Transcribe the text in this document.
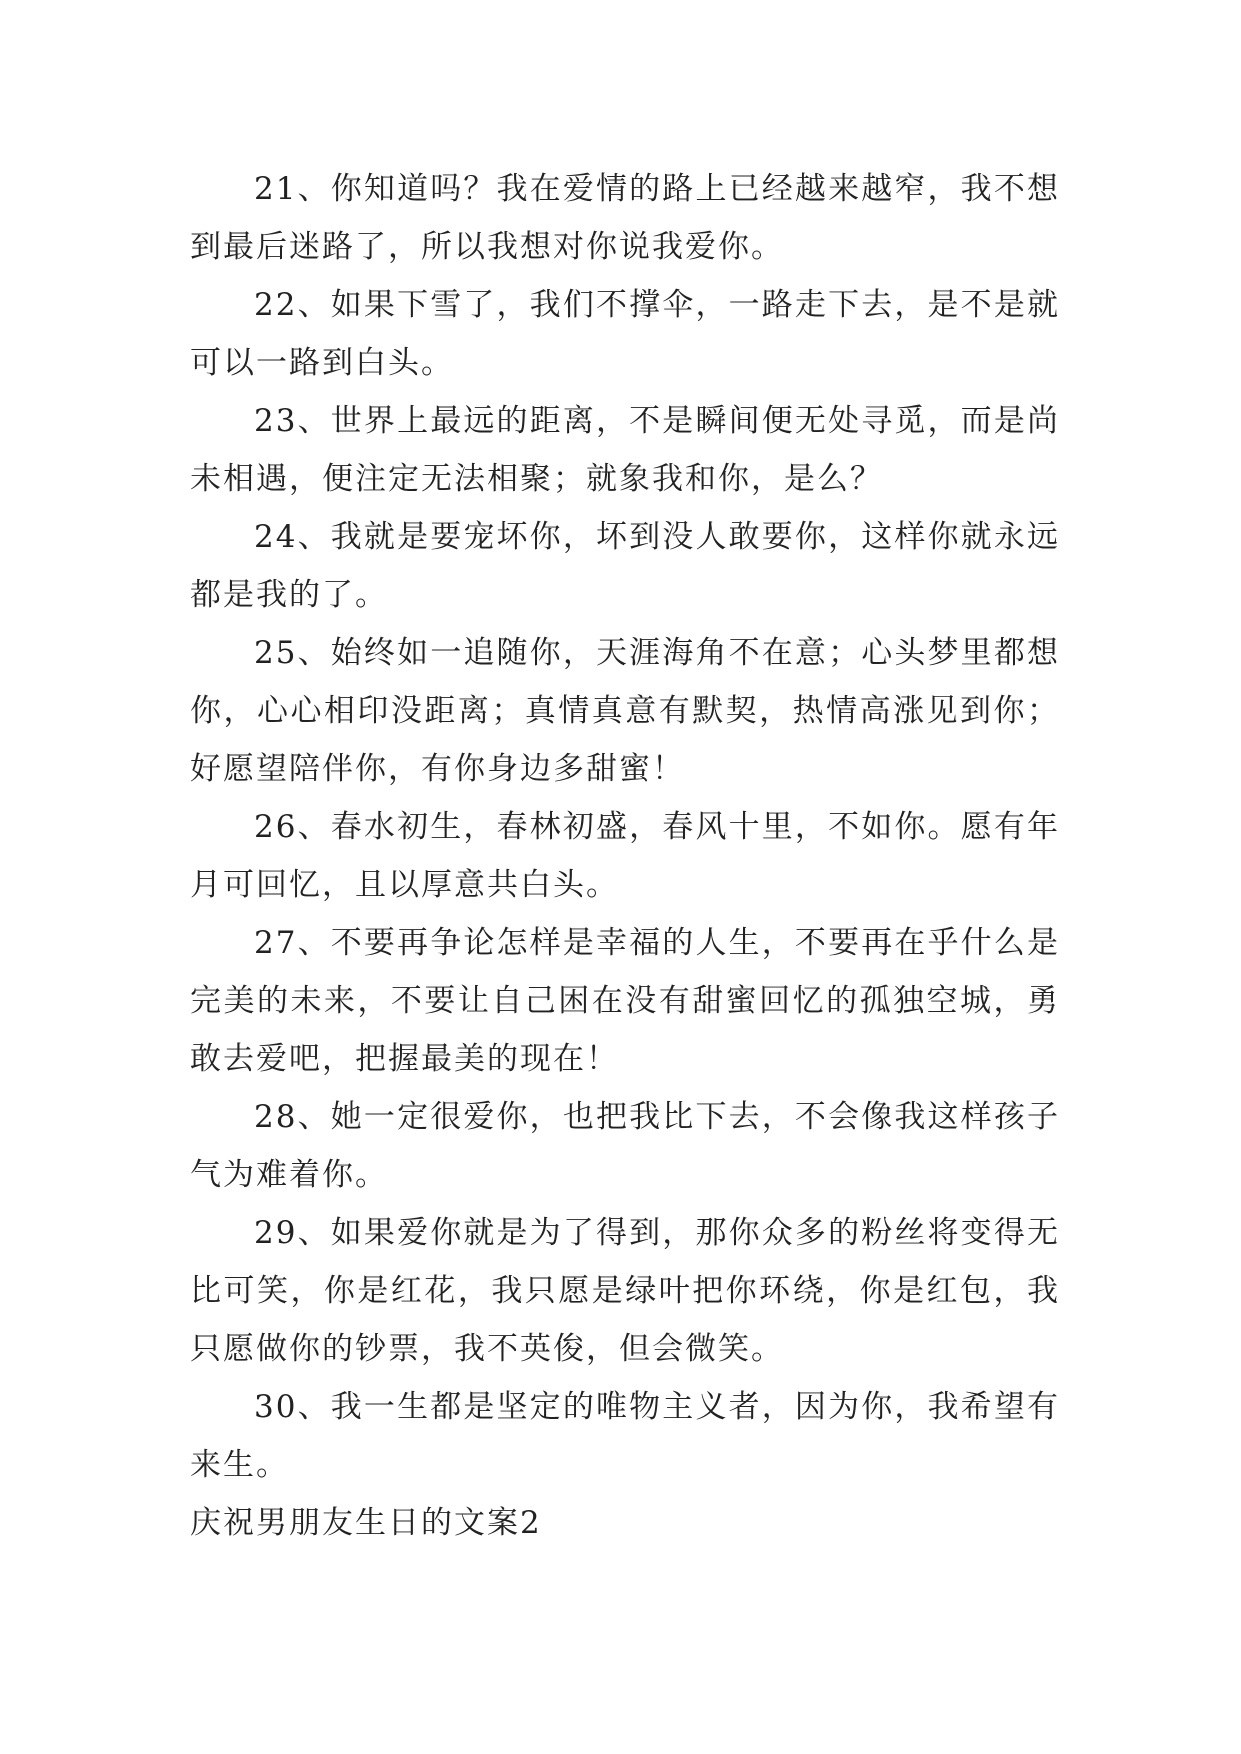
21、你知道吗？我在爱情的路上已经越来越窄，我不想到最后迷路了，所以我想对你说我爱你。

22、如果下雪了，我们不撑伞，一路走下去，是不是就可以一路到白头。

23、世界上最远的距离，不是瞬间便无处寻觅，而是尚未相遇，便注定无法相聚；就象我和你，是么？

24、我就是要宠坏你，坏到没人敢要你，这样你就永远都是我的了。

25、始终如一追随你，天涯海角不在意；心头梦里都想你，心心相印没距离；真情真意有默契，热情高涨见到你；好愿望陪伴你，有你身边多甜蜜！

26、春水初生，春林初盛，春风十里，不如你。愿有年月可回忆，且以厚意共白头。

27、不要再争论怎样是幸福的人生，不要再在乎什么是完美的未来，不要让自己困在没有甜蜜回忆的孤独空城，勇敢去爱吧，把握最美的现在！

28、她一定很爱你，也把我比下去，不会像我这样孩子气为难着你。

29、如果爱你就是为了得到，那你众多的粉丝将变得无比可笑，你是红花，我只愿是绿叶把你环绕，你是红包，我只愿做你的钞票，我不英俊，但会微笑。

30、我一生都是坚定的唯物主义者，因为你，我希望有来生。

庆祝男朋友生日的文案2
